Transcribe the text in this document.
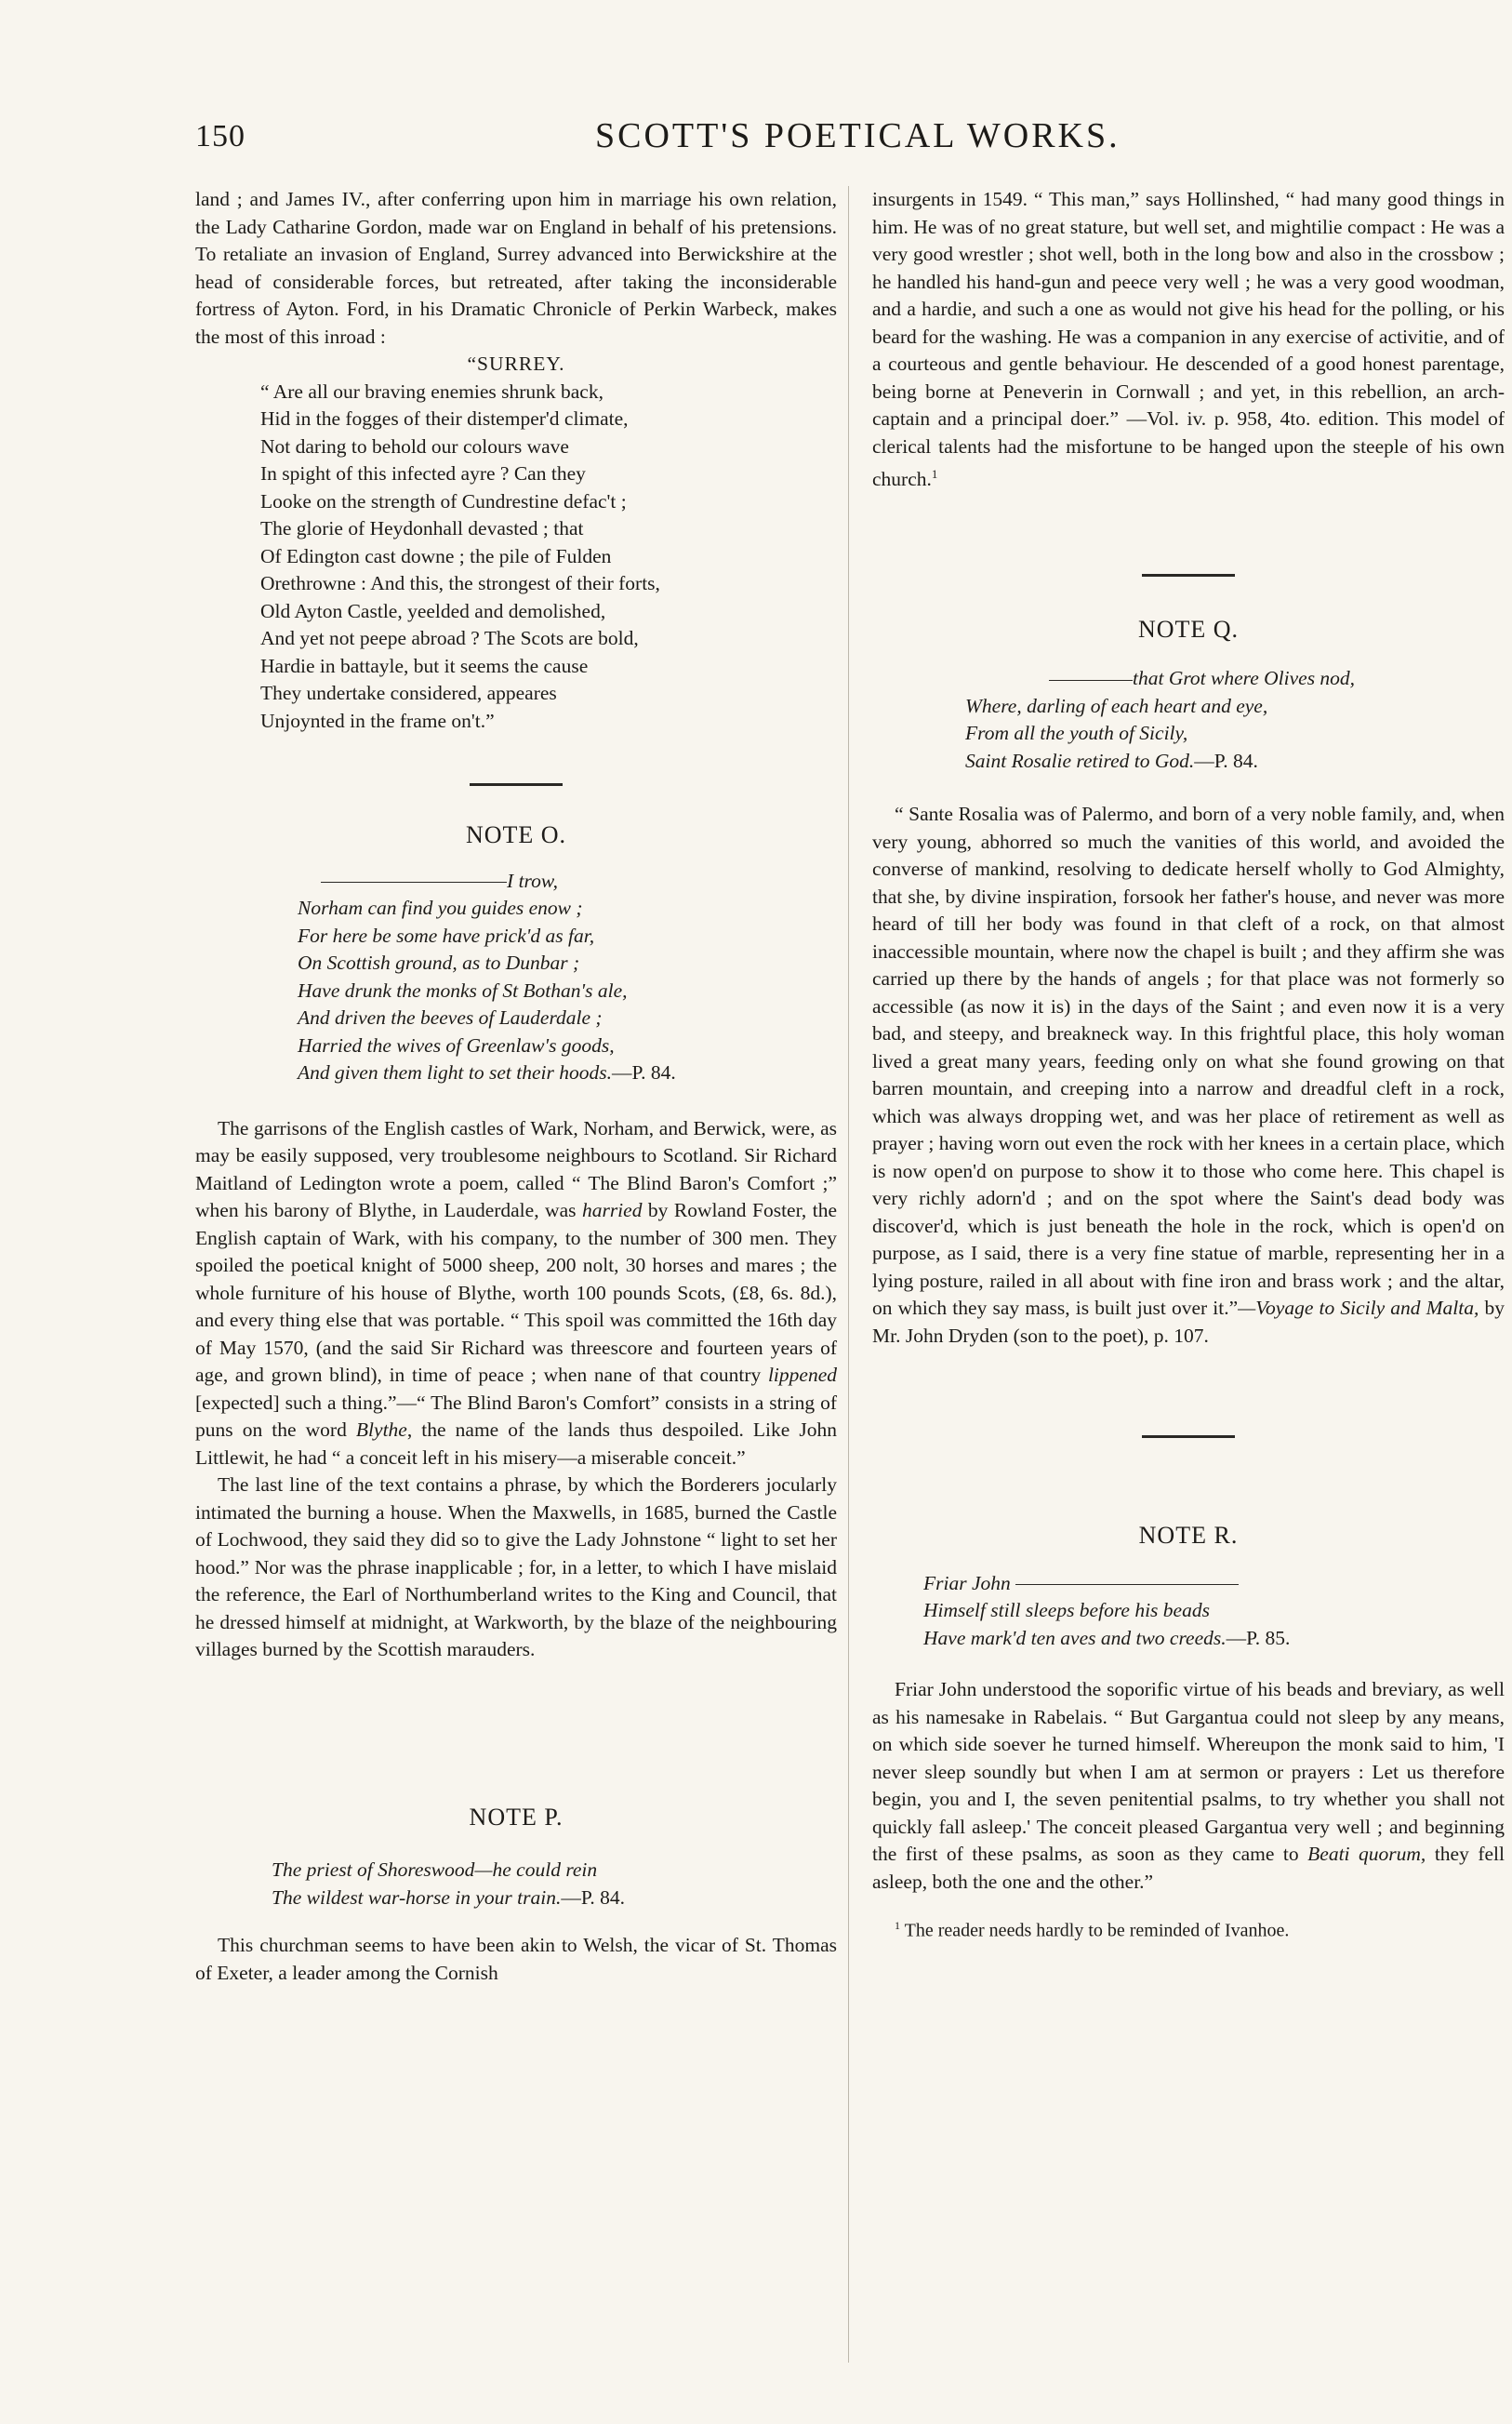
150	SCOTT'S POETICAL WORKS.

land ; and James IV., after conferring upon him in marriage his own relation, the Lady Catharine Gordon, made war on England in behalf of his pretensions. To retaliate an invasion of England, Surrey advanced into Berwickshire at the head of considerable forces, but retreated, after taking the inconsiderable fortress of Ayton. Ford, in his Dramatic Chronicle of Perkin Warbeck, makes the most of this inroad :

“SURREY.

“ Are all our braving enemies shrunk back,
Hid in the fogges of their distemper'd climate,
Not daring to behold our colours wave
In spight of this infected ayre ? Can they
Looke on the strength of Cundrestine defac't ;
The glorie of Heydonhall devasted ; that
Of Edington cast downe ; the pile of Fulden
Orethrowne : And this, the strongest of their forts,
Old Ayton Castle, yeelded and demolished,
And yet not peepe abroad ? The Scots are bold,
Hardie in battayle, but it seems the cause
They undertake considered, appeares
Unjoynted in the frame on't.”
NOTE O.
I trow,
Norham can find you guides enow ;
For here be some have prick'd as far,
On Scottish ground, as to Dunbar ;
Have drunk the monks of St Bothan's ale,
And driven the beeves of Lauderdale ;
Harried the wives of Greenlaw's goods,
And given them light to set their hoods.—P. 84.

The garrisons of the English castles of Wark, Norham, and Berwick, were, as may be easily supposed, very troublesome neighbours to Scotland. Sir Richard Maitland of Ledington wrote a poem, called “ The Blind Baron's Comfort ;” when his barony of Blythe, in Lauderdale, was harried by Rowland Foster, the English captain of Wark, with his company, to the number of 300 men. They spoiled the poetical knight of 5000 sheep, 200 nolt, 30 horses and mares ; the whole furniture of his house of Blythe, worth 100 pounds Scots, (£8, 6s. 8d.), and every thing else that was portable. “ This spoil was committed the 16th day of May 1570, (and the said Sir Richard was threescore and fourteen years of age, and grown blind), in time of peace ; when nane of that country lippened [expected] such a thing.”—“ The Blind Baron's Comfort” consists in a string of puns on the word Blythe, the name of the lands thus despoiled. Like John Littlewit, he had “ a conceit left in his misery—a miserable conceit.”

The last line of the text contains a phrase, by which the Borderers jocularly intimated the burning a house. When the Maxwells, in 1685, burned the Castle of Lochwood, they said they did so to give the Lady Johnstone “ light to set her hood.” Nor was the phrase inapplicable ; for, in a letter, to which I have mislaid the reference, the Earl of Northumberland writes to the King and Council, that he dressed himself at midnight, at Warkworth, by the blaze of the neighbouring villages burned by the Scottish marauders.

NOTE P.
The priest of Shoreswood—he could rein
The wildest war-horse in your train.—P. 84.

This churchman seems to have been akin to Welsh, the vicar of St. Thomas of Exeter, a leader among the Cornish

insurgents in 1549. “ This man,” says Hollinshed, “ had many good things in him. He was of no great stature, but well set, and mightilie compact : He was a very good wrestler ; shot well, both in the long bow and also in the crossbow ; he handled his hand-gun and peece very well ; he was a very good woodman, and a hardie, and such a one as would not give his head for the polling, or his beard for the washing. He was a companion in any exercise of activitie, and of a courteous and gentle behaviour. He descended of a good honest parentage, being borne at Peneverin in Cornwall ; and yet, in this rebellion, an arch-captain and a principal doer.” —Vol. iv. p. 958, 4to. edition. This model of clerical talents had the misfortune to be hanged upon the steeple of his own church.$^1$

NOTE Q.
that Grot where Olives nod,
Where, darling of each heart and eye,
From all the youth of Sicily,
Saint Rosalie retired to God.—P. 84.

“ Sante Rosalia was of Palermo, and born of a very noble family, and, when very young, abhorred so much the vanities of this world, and avoided the converse of mankind, resolving to dedicate herself wholly to God Almighty, that she, by divine inspiration, forsook her father's house, and never was more heard of till her body was found in that cleft of a rock, on that almost inaccessible mountain, where now the chapel is built ; and they affirm she was carried up there by the hands of angels ; for that place was not formerly so accessible (as now it is) in the days of the Saint ; and even now it is a very bad, and steepy, and breakneck way. In this frightful place, this holy woman lived a great many years, feeding only on what she found growing on that barren mountain, and creeping into a narrow and dreadful cleft in a rock, which was always dropping wet, and was her place of retirement as well as prayer ; having worn out even the rock with her knees in a certain place, which is now open'd on purpose to show it to those who come here. This chapel is very richly adorn'd ; and on the spot where the Saint's dead body was discover'd, which is just beneath the hole in the rock, which is open'd on purpose, as I said, there is a very fine statue of marble, representing her in a lying posture, railed in all about with fine iron and brass work ; and the altar, on which they say mass, is built just over it.”—Voyage to Sicily and Malta, by Mr. John Dryden (son to the poet), p. 107.

NOTE R.
Friar John
Himself still sleeps before his beads
Have mark'd ten aves and two creeds.—P. 85.

Friar John understood the soporific virtue of his beads and breviary, as well as his namesake in Rabelais. “ But Gargantua could not sleep by any means, on which side soever he turned himself. Whereupon the monk said to him, 'I never sleep soundly but when I am at sermon or prayers : Let us therefore begin, you and I, the seven penitential psalms, to try whether you shall not quickly fall asleep.' The conceit pleased Gargantua very well ; and beginning the first of these psalms, as soon as they came to Beati quorum, they fell asleep, both the one and the other.”

$^1$ The reader needs hardly to be reminded of Ivanhoe.
